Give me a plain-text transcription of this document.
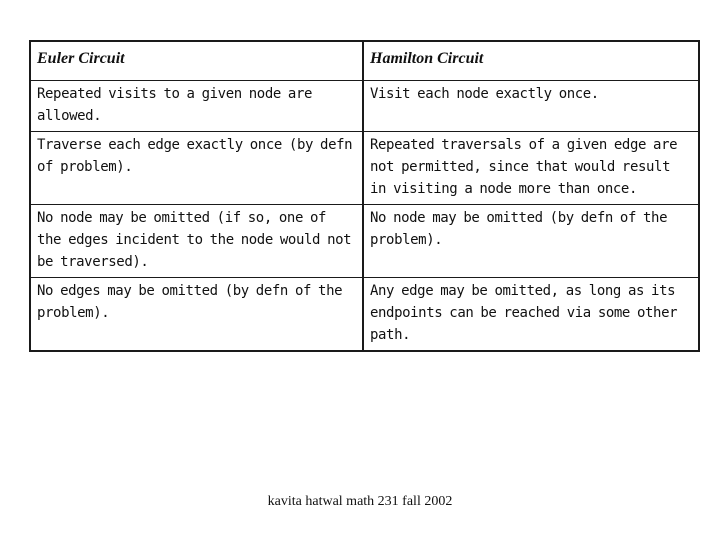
Euler Circuit	Hamilton Circuit
Repeated visits to a given node are allowed.	Visit each node exactly once.
Traverse each edge exactly once (by defn of problem).	Repeated traversals of a given edge are not permitted, since that would result in visiting a node more than once.
No node may be omitted (if so, one of the edges incident to the node would not be traversed).	No node may be omitted (by defn of the problem).
No edges may be omitted (by defn of the problem).	Any edge may be omitted, as long as its endpoints can be reached via some other path.
kavita hatwal math 231 fall 2002
